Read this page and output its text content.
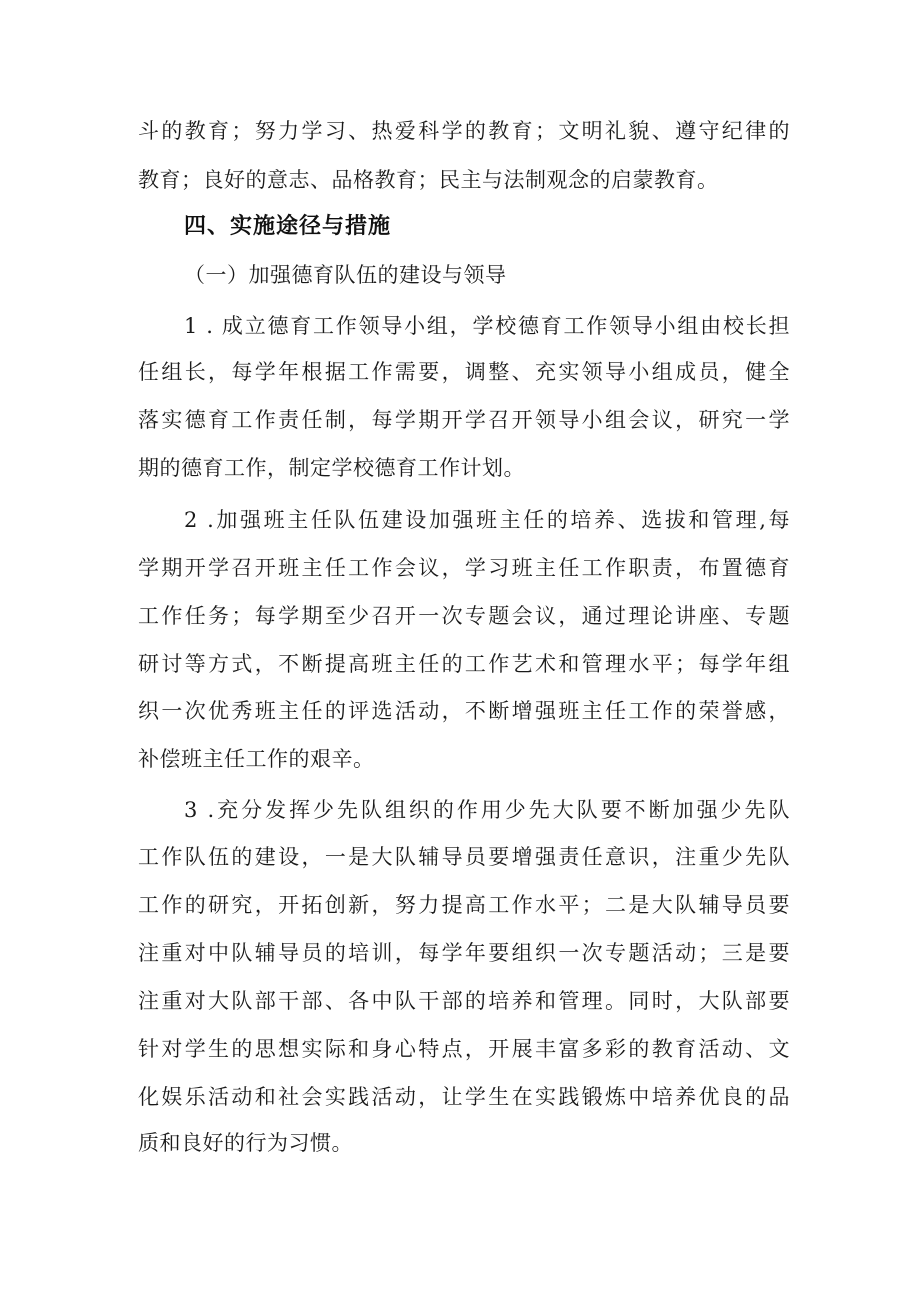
斗的教育；努力学习、热爱科学的教育；文明礼貌、遵守纪律的
教育；良好的意志、品格教育；民主与法制观念的启蒙教育。
四、实施途径与措施
（一）加强德育队伍的建设与领导
1 . 成立德育工作领导小组，学校德育工作领导小组由校长担
任组长，每学年根据工作需要，调整、充实领导小组成员，健全
落实德育工作责任制，每学期开学召开领导小组会议，研究一学
期的德育工作，制定学校德育工作计划。
2 .加强班主任队伍建设加强班主任的培养、选拔和管理,每
学期开学召开班主任工作会议，学习班主任工作职责，布置德育
工作任务；每学期至少召开一次专题会议，通过理论讲座、专题
研讨等方式，不断提高班主任的工作艺术和管理水平；每学年组
织一次优秀班主任的评选活动，不断增强班主任工作的荣誉感，
补偿班主任工作的艰辛。
3 .充分发挥少先队组织的作用少先大队要不断加强少先队
工作队伍的建设，一是大队辅导员要增强责任意识，注重少先队
工作的研究，开拓创新，努力提高工作水平；二是大队辅导员要
注重对中队辅导员的培训，每学年要组织一次专题活动；三是要
注重对大队部干部、各中队干部的培养和管理。同时，大队部要
针对学生的思想实际和身心特点，开展丰富多彩的教育活动、文
化娱乐活动和社会实践活动，让学生在实践锻炼中培养优良的品
质和良好的行为习惯。
